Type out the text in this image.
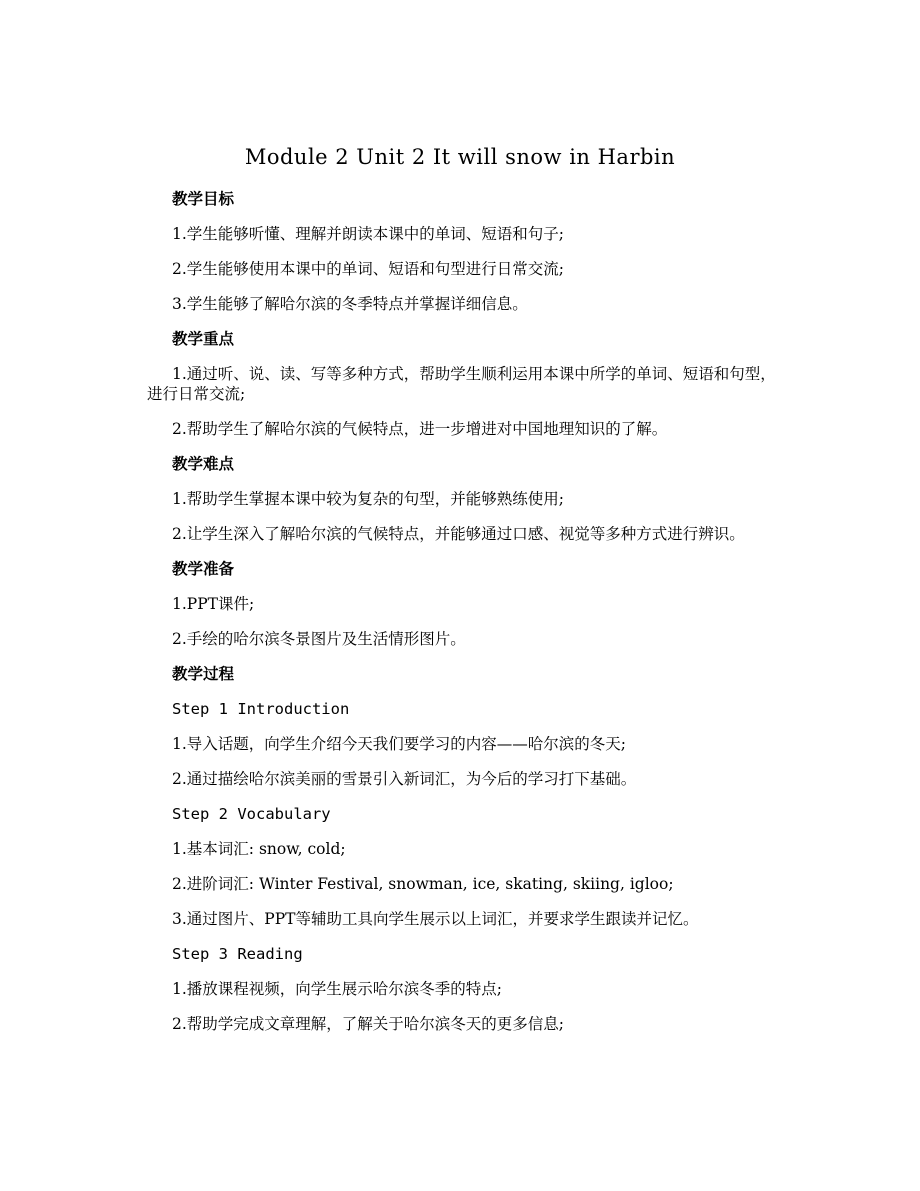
Module 2 Unit 2 It will snow in Harbin
教学目标
1.学生能够听懂、理解并朗读本课中的单词、短语和句子;
2.学生能够使用本课中的单词、短语和句型进行日常交流;
3.学生能够了解哈尔滨的冬季特点并掌握详细信息。
教学重点
1.通过听、说、读、写等多种方式，帮助学生顺利运用本课中所学的单词、短语和句型，进行日常交流;
2.帮助学生了解哈尔滨的气候特点，进一步增进对中国地理知识的了解。
教学难点
1.帮助学生掌握本课中较为复杂的句型，并能够熟练使用;
2.让学生深入了解哈尔滨的气候特点，并能够通过口感、视觉等多种方式进行辨识。
教学准备
1.PPT课件;
2.手绘的哈尔滨冬景图片及生活情形图片。
教学过程
Step 1 Introduction
1.导入话题，向学生介绍今天我们要学习的内容——哈尔滨的冬天;
2.通过描绘哈尔滨美丽的雪景引入新词汇，为今后的学习打下基础。
Step 2 Vocabulary
1.基本词汇: snow, cold;
2.进阶词汇: Winter Festival, snowman, ice, skating, skiing, igloo;
3.通过图片、PPT等辅助工具向学生展示以上词汇，并要求学生跟读并记忆。
Step 3 Reading
1.播放课程视频，向学生展示哈尔滨冬季的特点;
2.帮助学完成文章理解，了解关于哈尔滨冬天的更多信息;
